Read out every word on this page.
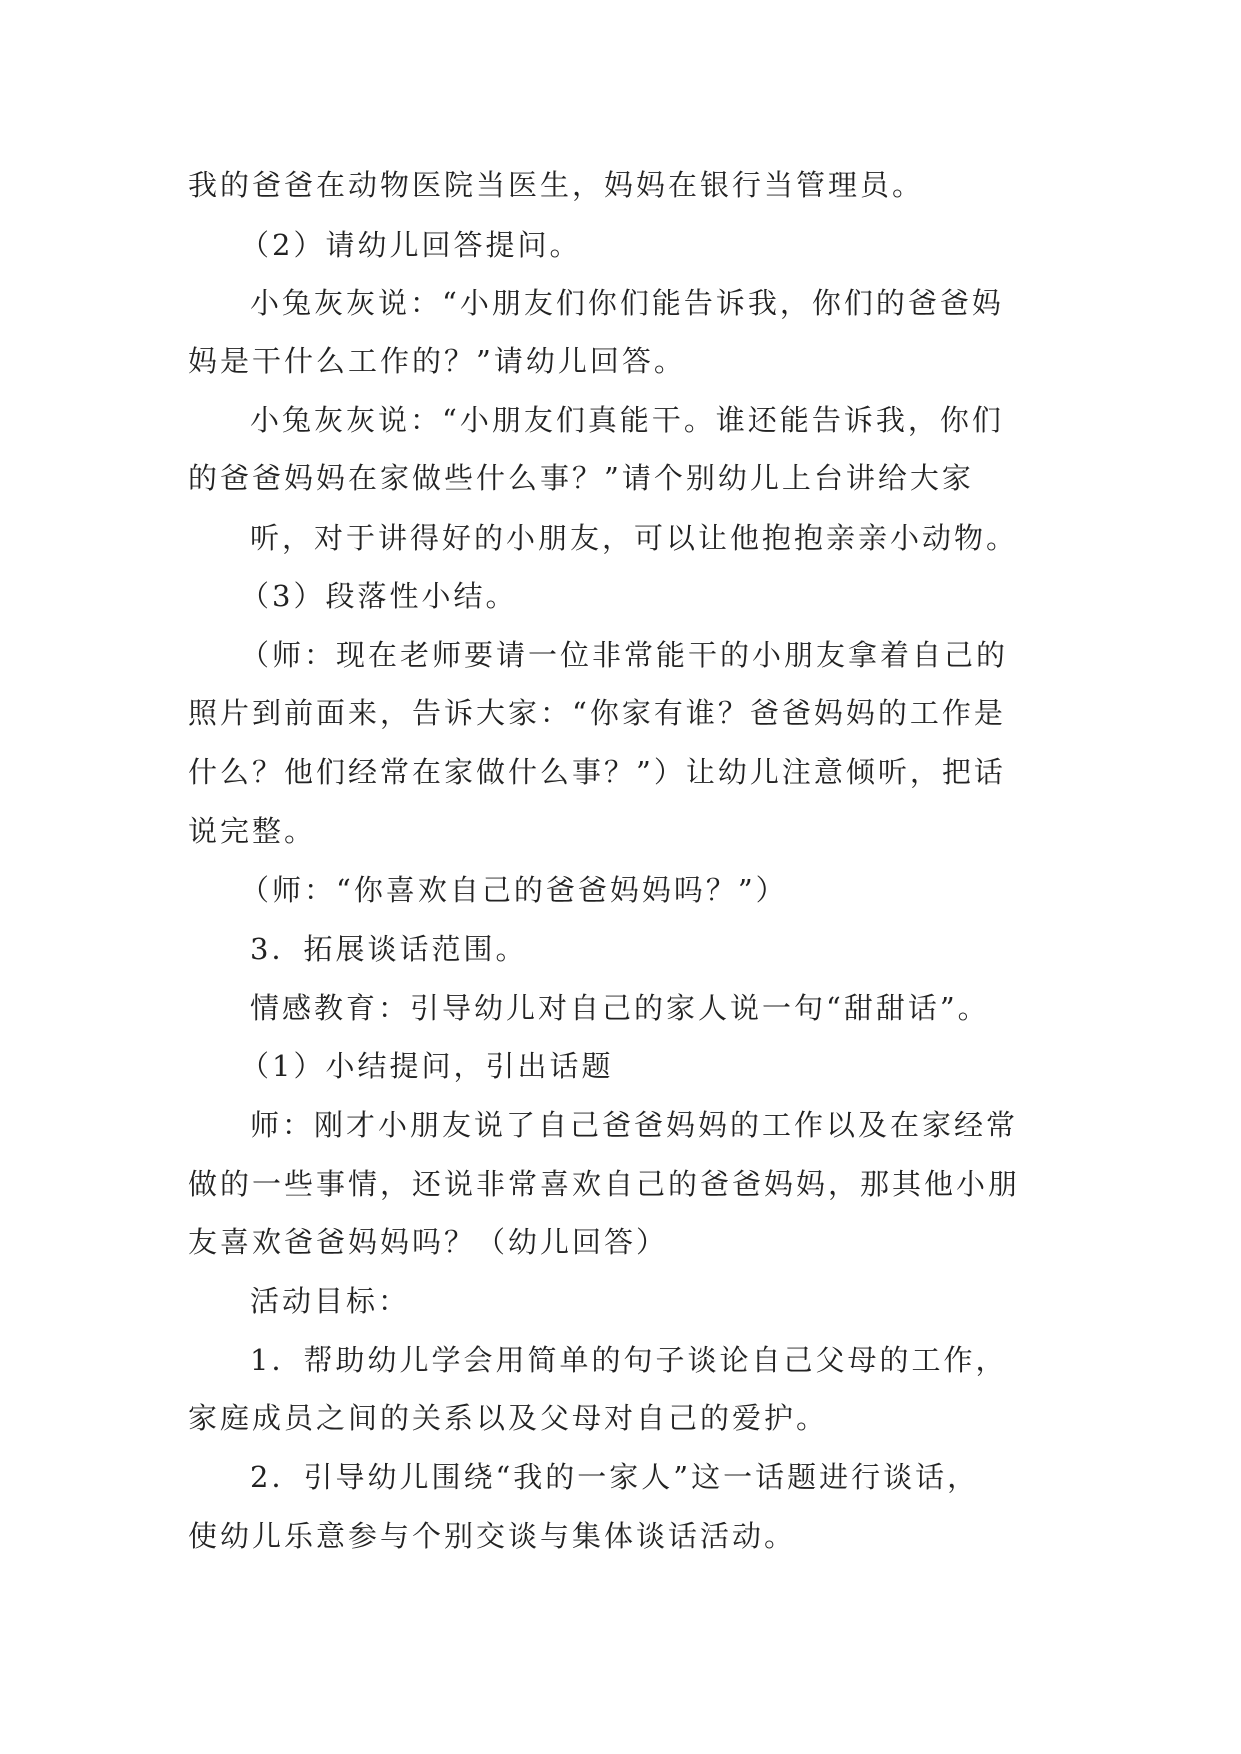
我的爸爸在动物医院当医生，妈妈在银行当管理员。
（2）请幼儿回答提问。
小兔灰灰说：“小朋友们你们能告诉我，你们的爸爸妈
妈是干什么工作的？”请幼儿回答。
小兔灰灰说：“小朋友们真能干。谁还能告诉我，你们
的爸爸妈妈在家做些什么事？”请个别幼儿上台讲给大家
听，对于讲得好的小朋友，可以让他抱抱亲亲小动物。
（3）段落性小结。
（师：现在老师要请一位非常能干的小朋友拿着自己的
照片到前面来，告诉大家：“你家有谁？爸爸妈妈的工作是
什么？他们经常在家做什么事？”）让幼儿注意倾听，把话
说完整。
（师：“你喜欢自己的爸爸妈妈吗？”）
3．拓展谈话范围。
情感教育：引导幼儿对自己的家人说一句“甜甜话”。
（1）小结提问，引出话题
师：刚才小朋友说了自己爸爸妈妈的工作以及在家经常
做的一些事情，还说非常喜欢自己的爸爸妈妈，那其他小朋
友喜欢爸爸妈妈吗？（幼儿回答）
活动目标：
1．帮助幼儿学会用简单的句子谈论自己父母的工作，
家庭成员之间的关系以及父母对自己的爱护。
2．引导幼儿围绕“我的一家人”这一话题进行谈话，
使幼儿乐意参与个别交谈与集体谈话活动。
